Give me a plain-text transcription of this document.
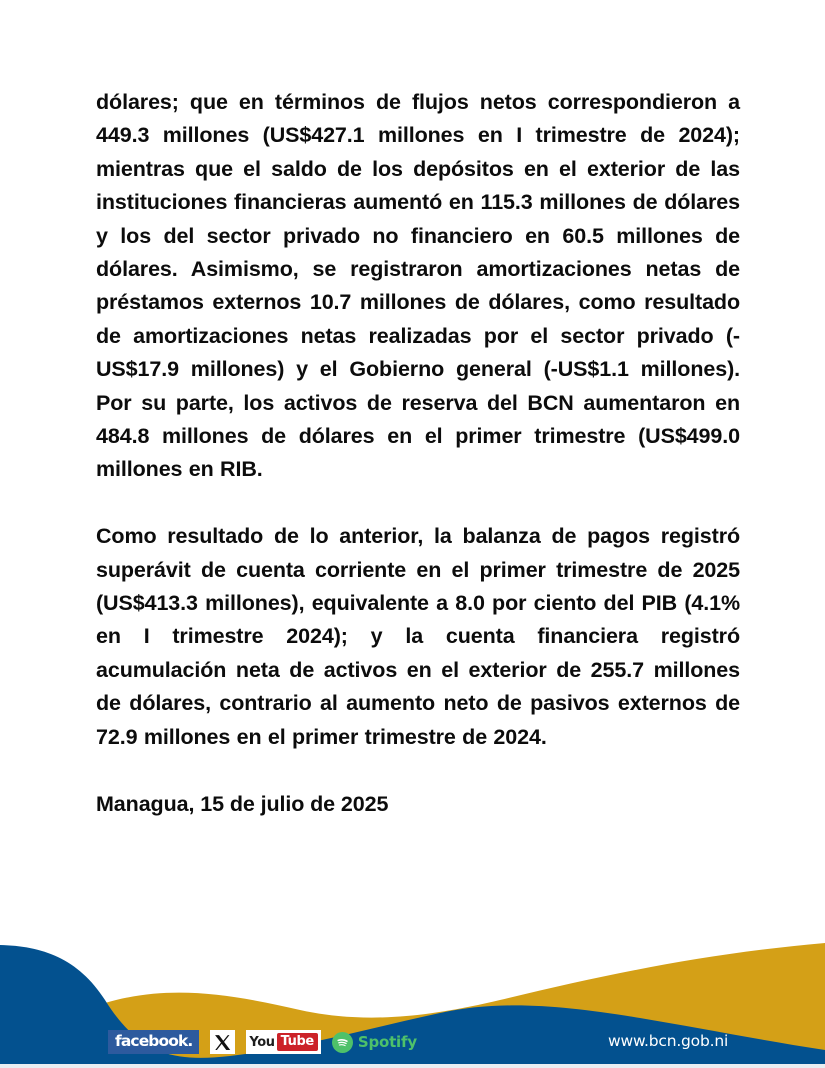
dólares; que en términos de flujos netos correspondieron a 449.3 millones (US$427.1 millones en I trimestre de 2024); mientras que el saldo de los depósitos en el exterior de las instituciones financieras aumentó en 115.3 millones de dólares y los del sector privado no financiero en 60.5 millones de dólares. Asimismo, se registraron amortizaciones netas de préstamos externos 10.7 millones de dólares, como resultado de amortizaciones netas realizadas por el sector privado (-US$17.9 millones) y el Gobierno general (-US$1.1 millones). Por su parte, los activos de reserva del BCN aumentaron en 484.8 millones de dólares en el primer trimestre (US$499.0 millones en RIB.

Como resultado de lo anterior, la balanza de pagos registró superávit de cuenta corriente en el primer trimestre de 2025 (US$413.3 millones), equivalente a 8.0 por ciento del PIB (4.1% en I trimestre 2024); y la cuenta financiera registró acumulación neta de activos en el exterior de 255.7 millones de dólares, contrario al aumento neto de pasivos externos de 72.9 millones en el primer trimestre de 2024.

Managua, 15 de julio de 2025

facebook.	You Tube	Spotify	www.bcn.gob.ni
